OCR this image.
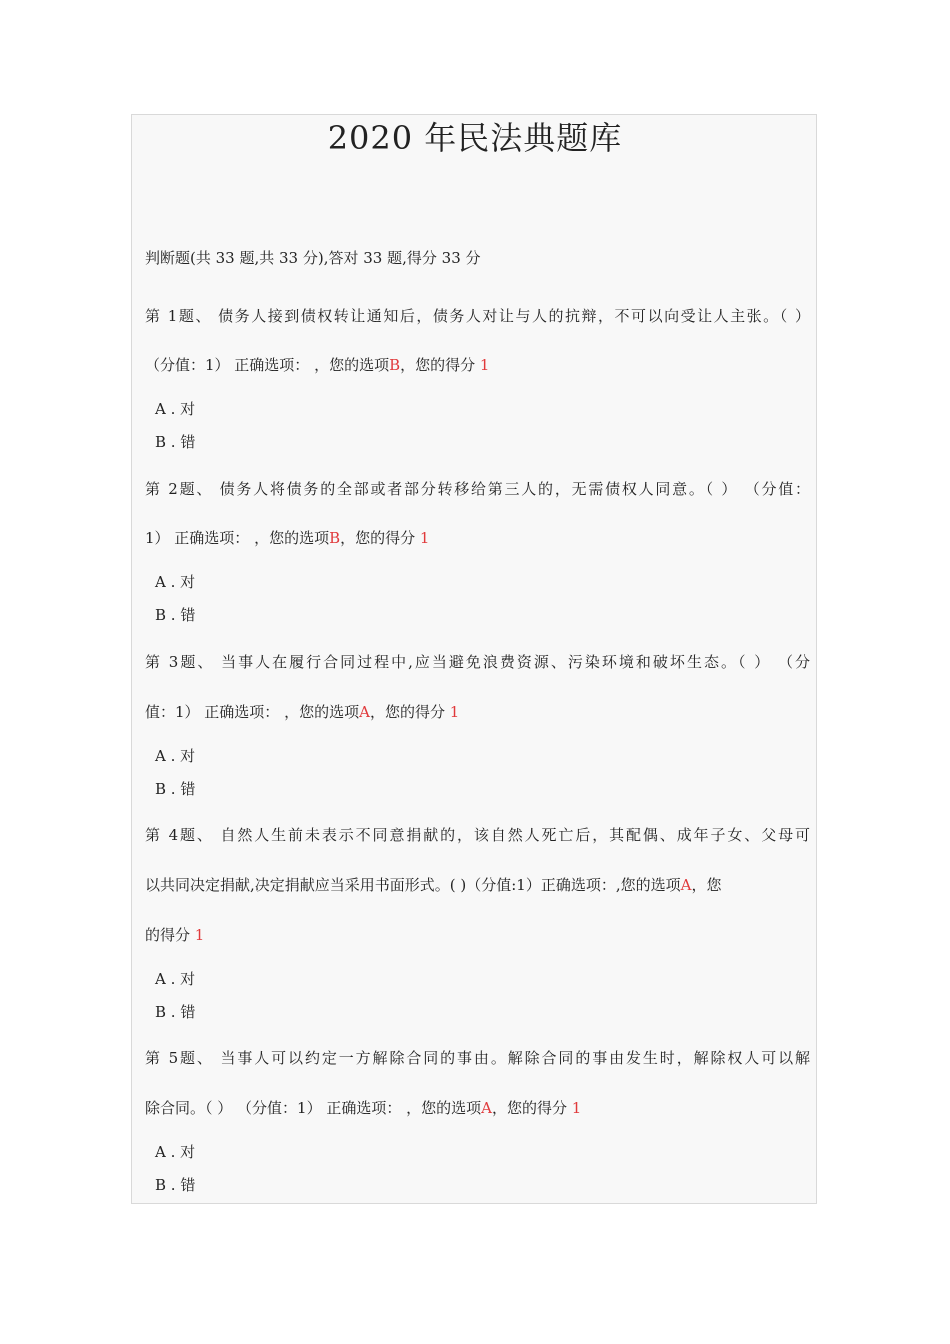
2020 年民法典题库
判断题(共 33 题,共 33 分),答对 33 题,得分 33 分
第 1题、 债务人接到债权转让通知后，债务人对让与人的抗辩，不可以向受让人主张。（ ）
（分值：1） 正确选项： ，您的选项B，您的得分 1
A . 对
B . 错
第 2题、 债务人将债务的全部或者部分转移给第三人的，无需债权人同意。（ ） （分值：
1） 正确选项： ，您的选项B，您的得分 1
A . 对
B . 错
第 3题、 当事人在履行合同过程中,应当避免浪费资源、污染环境和破坏生态。（ ） （分
值：1） 正确选项： ，您的选项A，您的得分 1
A . 对
B . 错
第 4题、 自然人生前未表示不同意捐献的，该自然人死亡后，其配偶、成年子女、父母可
以共同决定捐献,决定捐献应当采用书面形式。( )（分值:1）正确选项：,您的选项A，您
的得分 1
A . 对
B . 错
第 5题、 当事人可以约定一方解除合同的事由。解除合同的事由发生时，解除权人可以解
除合同。（ ） （分值：1） 正确选项： ，您的选项A，您的得分 1
A . 对
B . 错
